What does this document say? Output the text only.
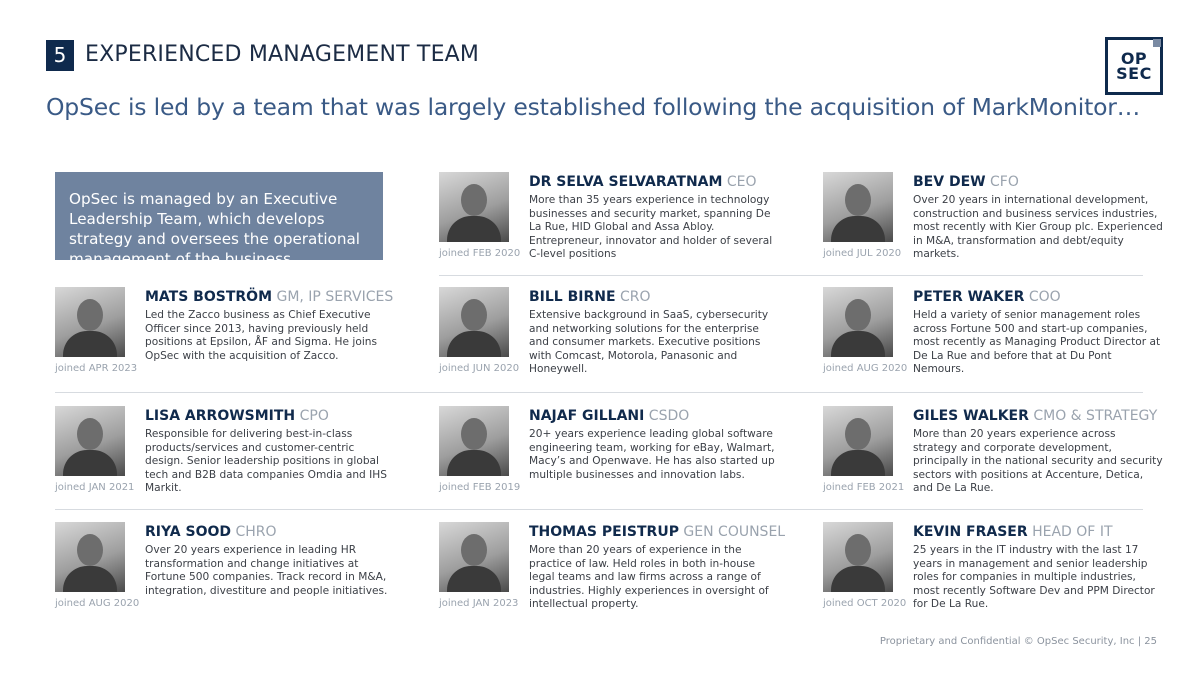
5 EXPERIENCED MANAGEMENT TEAM
OpSec is led by a team that was largely established following the acquisition of MarkMonitor…
OP
SEC

OpSec is managed by an Executive Leadership Team, which develops strategy and oversees the operational management of the business	joined FEB 2020
DR SELVA SELVARATNAM CEO
More than 35 years experience in technology businesses and security market, spanning De La Rue, HID Global and Assa Abloy. Entrepreneur, innovator and holder of several C-level positions	joined JUL 2020
BEV DEW CFO
Over 20 years in international development, construction and business services industries, most recently with Kier Group plc. Experienced in M&A, transformation and debt/equity markets.
joined APR 2023
MATS BOSTRÖM GM, IP SERVICES
Led the Zacco business as Chief Executive Officer since 2013, having previously held positions at Epsilon, ÅF and Sigma. He joins OpSec with the acquisition of Zacco.
joined JUN 2020
BILL BIRNE CRO
Extensive background in SaaS, cybersecurity and networking solutions for the enterprise and consumer markets. Executive positions with Comcast, Motorola, Panasonic and Honeywell.	joined AUG 2020
PETER WAKER COO
Held a variety of senior management roles across Fortune 500 and start-up companies, most recently as Managing Product Director at De La Rue and before that at Du Pont Nemours.
joined JAN 2021
LISA ARROWSMITH CPO
Responsible for delivering best-in-class products/services and customer-centric design. Senior leadership positions in global tech and B2B data companies Omdia and IHS Markit.	joined FEB 2019
NAJAF GILLANI CSDO
20+ years experience leading global software engineering team, working for eBay, Walmart, Macy’s and Openwave. He has also started up multiple businesses and innovation labs.
joined FEB 2021
GILES WALKER CMO & STRATEGY
More than 20 years experience across strategy and corporate development, principally in the national security and security sectors with positions at Accenture, Detica, and De La Rue.
joined AUG 2020
RIYA SOOD CHRO
Over 20 years experience in leading HR transformation and change initiatives at Fortune 500 companies. Track record in M&A, integration, divestiture and people initiatives.
joined JAN 2023
THOMAS PEISTRUP GEN COUNSEL
More than 20 years of experience in the practice of law. Held roles in both in-house legal teams and law firms across a range of industries. Highly experiences in oversight of intellectual property.	joined OCT 2020
KEVIN FRASER HEAD OF IT
25 years in the IT industry with the last 17 years in management and senior leadership roles for companies in multiple industries, most recently Software Dev and PPM Director for De La Rue.
Proprietary and Confidential © OpSec Security, Inc | 25
